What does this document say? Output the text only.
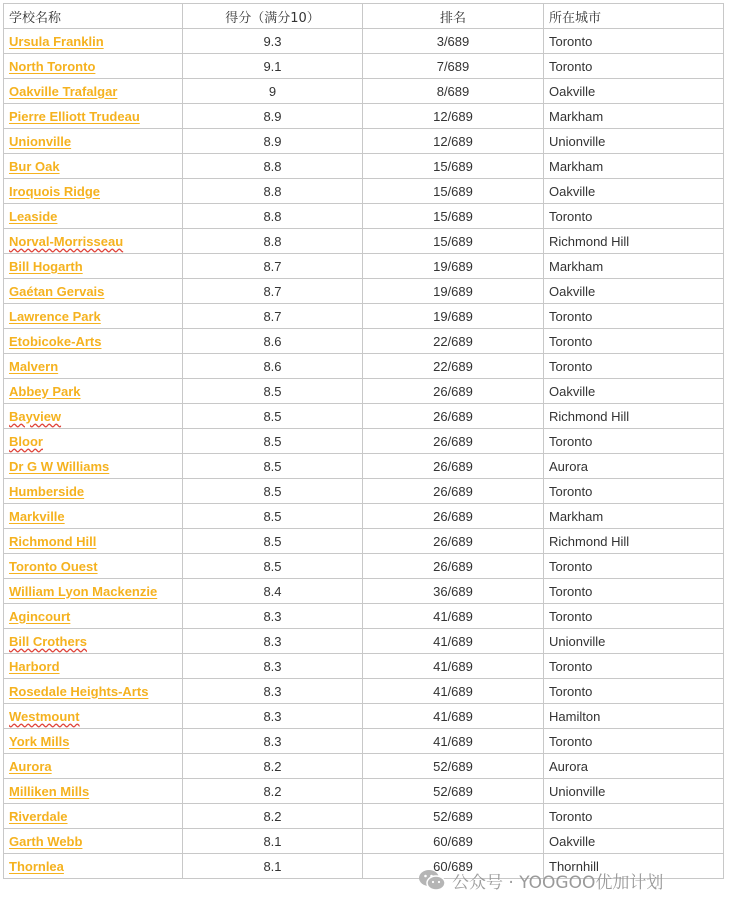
学校名称	得分（满分10）	排名	所在城市
Ursula Franklin	9.3	3/689	Toronto
North Toronto	9.1	7/689	Toronto
Oakville Trafalgar	9	8/689	Oakville
Pierre Elliott Trudeau	8.9	12/689	Markham
Unionville	8.9	12/689	Unionville
Bur Oak	8.8	15/689	Markham
Iroquois Ridge	8.8	15/689	Oakville
Leaside	8.8	15/689	Toronto
Norval-Morrisseau	8.8	15/689	Richmond Hill
Bill Hogarth	8.7	19/689	Markham
Gaétan Gervais	8.7	19/689	Oakville
Lawrence Park	8.7	19/689	Toronto
Etobicoke-Arts	8.6	22/689	Toronto
Malvern	8.6	22/689	Toronto
Abbey Park	8.5	26/689	Oakville
Bayview	8.5	26/689	Richmond Hill
Bloor	8.5	26/689	Toronto
Dr G W Williams	8.5	26/689	Aurora
Humberside	8.5	26/689	Toronto
Markville	8.5	26/689	Markham
Richmond Hill	8.5	26/689	Richmond Hill
Toronto Ouest	8.5	26/689	Toronto
William Lyon Mackenzie	8.4	36/689	Toronto
Agincourt	8.3	41/689	Toronto
Bill Crothers	8.3	41/689	Unionville
Harbord	8.3	41/689	Toronto
Rosedale Heights-Arts	8.3	41/689	Toronto
Westmount	8.3	41/689	Hamilton
York Mills	8.3	41/689	Toronto
Aurora	8.2	52/689	Aurora
Milliken Mills	8.2	52/689	Unionville
Riverdale	8.2	52/689	Toronto
Garth Webb	8.1	60/689	Oakville
Thornlea	8.1	60/689	Thornhill
公众号 · YOOGOO优加计划
